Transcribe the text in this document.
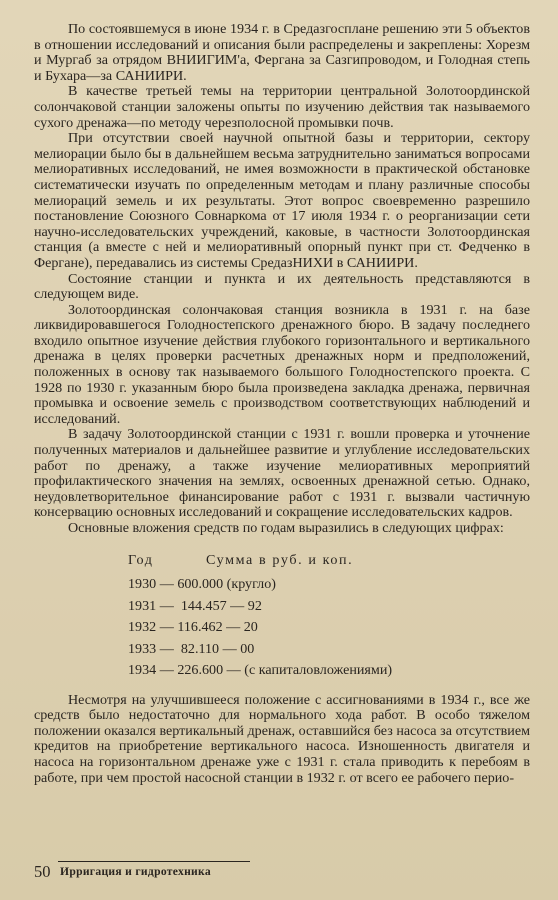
По состоявшемуся в июне 1934 г. в Средазгосплане решению эти 5 объектов в отношении исследований и описания были распределены и закреплены: Хорезм и Мургаб за отрядом ВНИИГИМ'а, Фергана за Сазгипроводом, и Голодная степь и Бухара—за САНИИРИ.

В качестве третьей темы на территории центральной Золотоординской солончаковой станции заложены опыты по изучению действия так называемого сухого дренажа—по методу черезполосной промывки почв.

При отсутствии своей научной опытной базы и территории, сектору мелиорации было бы в дальнейшем весьма затруднительно заниматься вопросами мелиоративных исследований, не имея возможности в практической обстановке систематически изучать по определенным методам и плану различные способы мелиораций земель и их результаты. Этот вопрос своевременно разрешило постановление Союзного Совнаркома от 17 июля 1934 г. о реорганизации сети научно-исследовательских учреждений, каковые, в частности Золотоординская станция (а вместе с ней и мелиоративный опорный пункт при ст. Федченко в Фергане), передавались из системы СредазНИХИ в САНИИРИ.

Состояние станции и пункта и их деятельность представляются в следующем виде.

Золотоординская солончаковая станция возникла в 1931 г. на базе ликвидировавшегося Голодностепского дренажного бюро. В задачу последнего входило опытное изучение действия глубокого горизонтального и вертикального дренажа в целях проверки расчетных дренажных норм и предположений, положенных в основу так называемого большого Голодностепского проекта. С 1928 по 1930 г. указанным бюро была произведена закладка дренажа, первичная промывка и освоение земель с производством соответствующих наблюдений и исследований.

В задачу Золотоординской станции с 1931 г. вошли проверка и уточнение полученных материалов и дальнейшее развитие и углубление исследовательских работ по дренажу, а также изучение мелиоративных мероприятий профилактического значения на землях, освоенных дренажной сетью. Однако, неудовлетворительное финансирование работ с 1931 г. вызвали частичную консервацию основных исследований и сокращение исследовательских кадров.

Основные вложения средств по годам выразились в следующих цифрах:

Год	Сумма в руб. и коп.
1930 — 600.000 (кругло)
1931 —  144.457 — 92
1932 — 116.462 — 20
1933 —  82.110 — 00
1934 — 226.600 — (с капиталовложениями)

Несмотря на улучшившееся положение с ассигнованиями в 1934 г., все же средств было недостаточно для нормального хода работ. В особо тяжелом положении оказался вертикальный дренаж, оставшийся без насоса за отсутствием кредитов на приобретение вертикального насоса. Изношенность двигателя и насоса на горизонтальном дренаже уже с 1931 г. стала приводить к перебоям в работе, при чем простой насосной станции в 1932 г. от всего ее рабочего перио-

50 Ирригация и гидротехника
